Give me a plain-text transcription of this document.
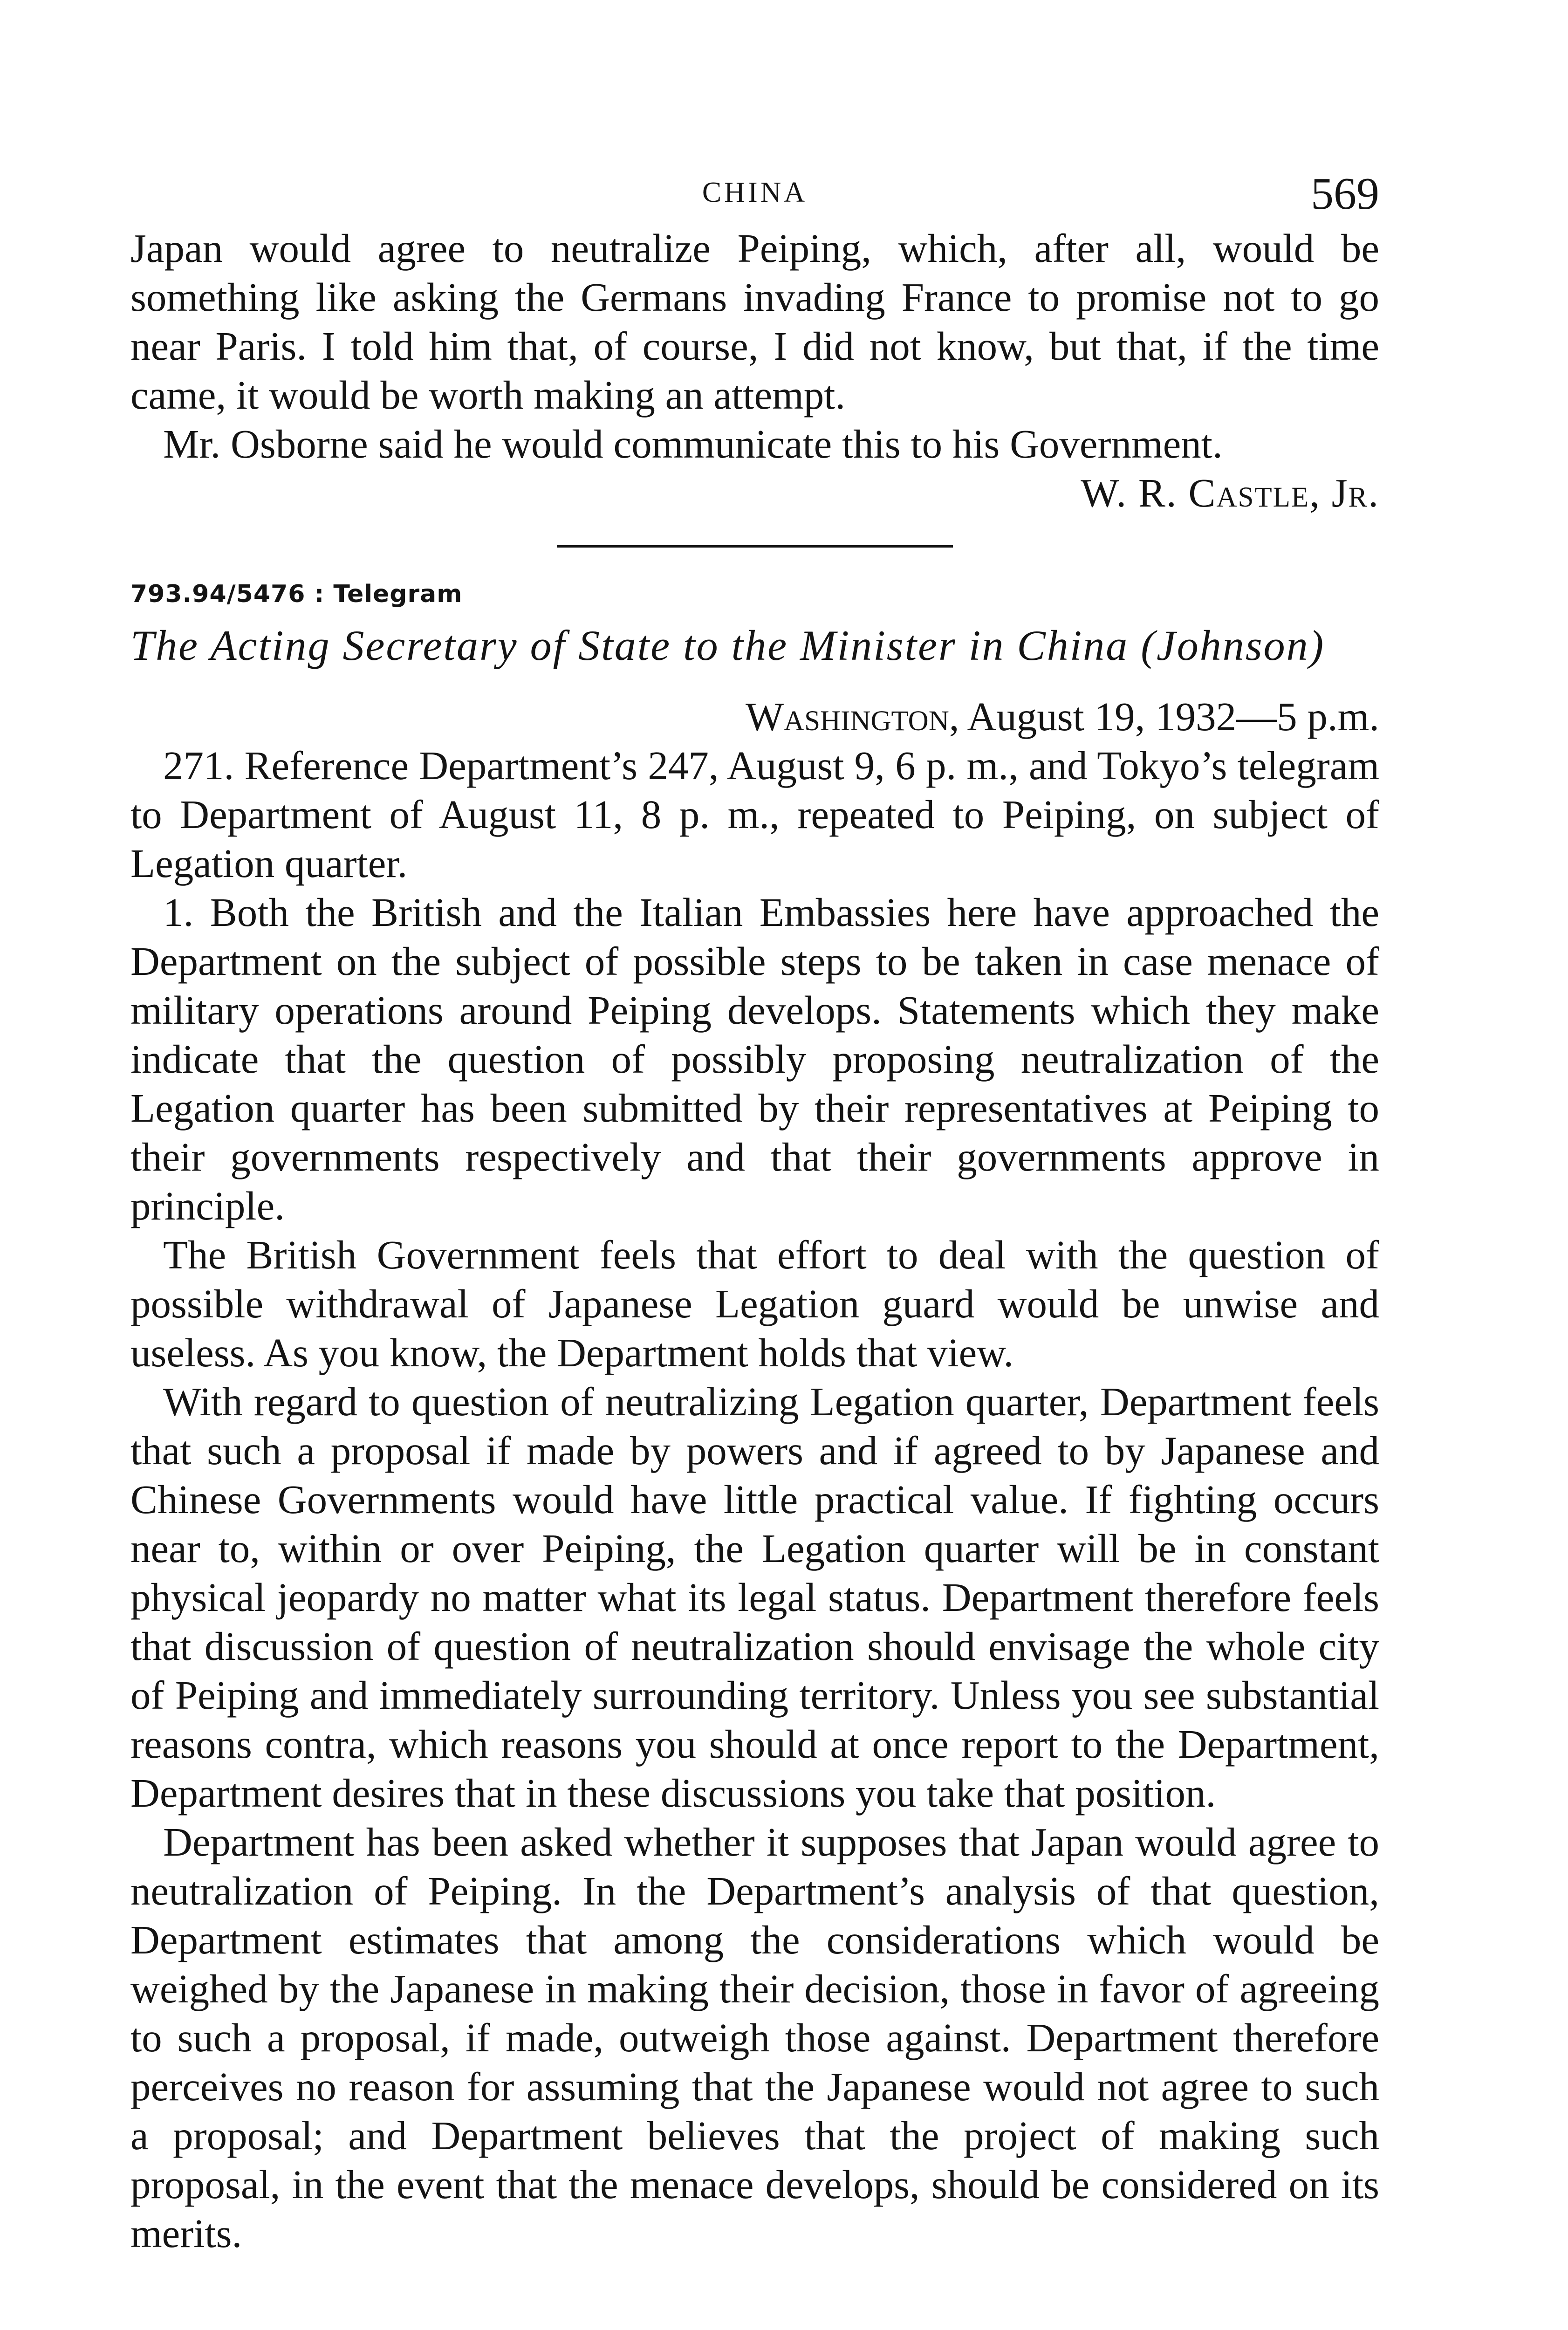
CHINA	569

Japan would agree to neutralize Peiping, which, after all, would be something like asking the Germans invading France to promise not to go near Paris. I told him that, of course, I did not know, but that, if the time came, it would be worth making an attempt.

Mr. Osborne said he would communicate this to his Government.

W. R. Castle, Jr.
793.94/5476 : Telegram
The Acting Secretary of State to the Minister in China (Johnson)
Washington, August 19, 1932—5 p.m.

271. Reference Department’s 247, August 9, 6 p. m., and Tokyo’s telegram to Department of August 11, 8 p. m., repeated to Peiping, on subject of Legation quarter.

1. Both the British and the Italian Embassies here have approached the Department on the subject of possible steps to be taken in case menace of military operations around Peiping develops. Statements which they make indicate that the question of possibly proposing neutralization of the Legation quarter has been submitted by their representatives at Peiping to their governments respectively and that their governments approve in principle.

The British Government feels that effort to deal with the question of possible withdrawal of Japanese Legation guard would be unwise and useless. As you know, the Department holds that view.

With regard to question of neutralizing Legation quarter, Department feels that such a proposal if made by powers and if agreed to by Japanese and Chinese Governments would have little practical value. If fighting occurs near to, within or over Peiping, the Legation quarter will be in constant physical jeopardy no matter what its legal status. Department therefore feels that discussion of question of neutralization should envisage the whole city of Peiping and immediately surrounding territory. Unless you see substantial reasons contra, which reasons you should at once report to the Department, Department desires that in these discussions you take that position.

Department has been asked whether it supposes that Japan would agree to neutralization of Peiping. In the Department’s analysis of that question, Department estimates that among the considerations which would be weighed by the Japanese in making their decision, those in favor of agreeing to such a proposal, if made, outweigh those against. Department therefore perceives no reason for assuming that the Japanese would not agree to such a proposal; and Department believes that the project of making such proposal, in the event that the menace develops, should be considered on its merits.
